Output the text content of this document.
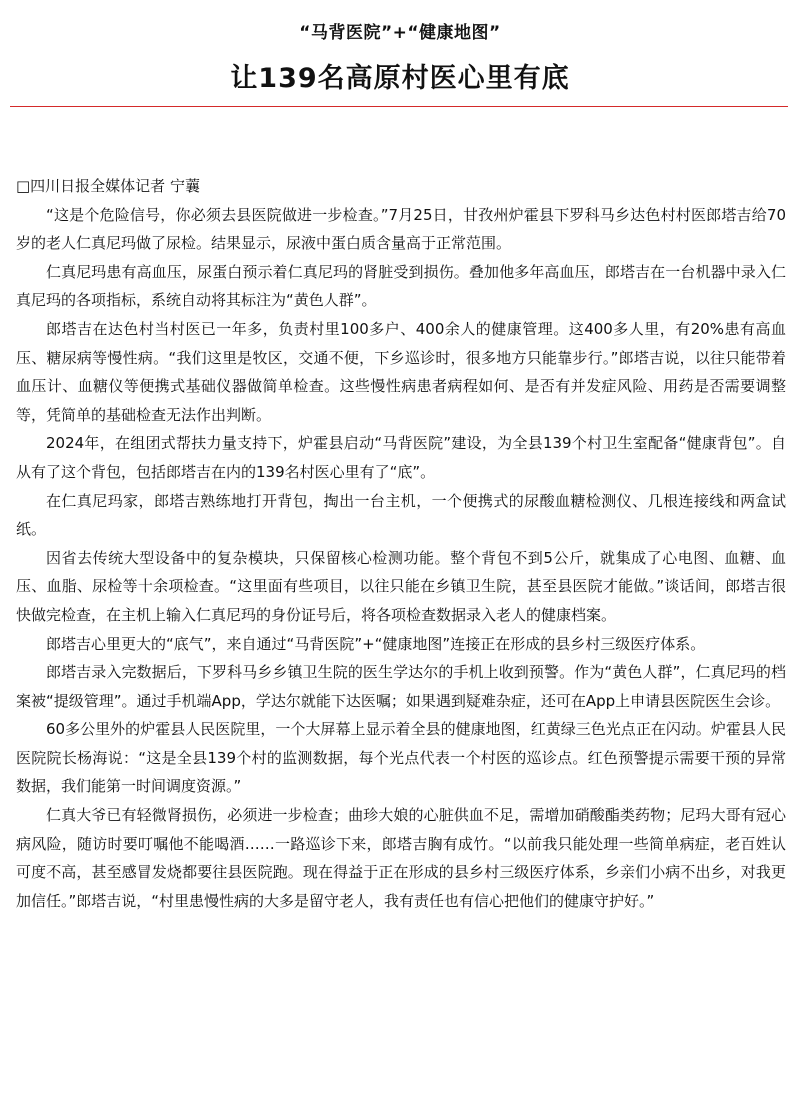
“马背医院”+“健康地图”
让139名高原村医心里有底

□四川日报全媒体记者 宁蘘

“这是个危险信号，你必须去县医院做进一步检查。”7月25日，甘孜州炉霍县下罗科马乡达色村村医郎塔吉给70岁的老人仁真尼玛做了尿检。结果显示，尿液中蛋白质含量高于正常范围。

仁真尼玛患有高血压，尿蛋白预示着仁真尼玛的肾脏受到损伤。叠加他多年高血压，郎塔吉在一台机器中录入仁真尼玛的各项指标，系统自动将其标注为“黄色人群”。

郎塔吉在达色村当村医已一年多，负责村里100多户、400余人的健康管理。这400多人里，有20%患有高血压、糖尿病等慢性病。“我们这里是牧区，交通不便，下乡巡诊时，很多地方只能靠步行。”郎塔吉说，以往只能带着血压计、血糖仪等便携式基础仪器做简单检查。这些慢性病患者病程如何、是否有并发症风险、用药是否需要调整等，凭简单的基础检查无法作出判断。

2024年，在组团式帮扶力量支持下，炉霍县启动“马背医院”建设，为全县139个村卫生室配备“健康背包”。自从有了这个背包，包括郎塔吉在内的139名村医心里有了“底”。

在仁真尼玛家，郎塔吉熟练地打开背包，掏出一台主机，一个便携式的尿酸血糖检测仪、几根连接线和两盒试纸。

因省去传统大型设备中的复杂模块，只保留核心检测功能。整个背包不到5公斤，就集成了心电图、血糖、血压、血脂、尿检等十余项检查。“这里面有些项目，以往只能在乡镇卫生院，甚至县医院才能做。”谈话间，郎塔吉很快做完检查，在主机上输入仁真尼玛的身份证号后，将各项检查数据录入老人的健康档案。

郎塔吉心里更大的“底气”，来自通过“马背医院”+“健康地图”连接正在形成的县乡村三级医疗体系。

郎塔吉录入完数据后，下罗科马乡乡镇卫生院的医生学达尔的手机上收到预警。作为“黄色人群”，仁真尼玛的档案被“提级管理”。通过手机端App，学达尔就能下达医嘱；如果遇到疑难杂症，还可在App上申请县医院医生会诊。

60多公里外的炉霍县人民医院里，一个大屏幕上显示着全县的健康地图，红黄绿三色光点正在闪动。炉霍县人民医院院长杨海说：“这是全县139个村的监测数据，每个光点代表一个村医的巡诊点。红色预警提示需要干预的异常数据，我们能第一时间调度资源。”

仁真大爷已有轻微肾损伤，必须进一步检查；曲珍大娘的心脏供血不足，需增加硝酸酯类药物；尼玛大哥有冠心病风险，随访时要叮嘱他不能喝酒……一路巡诊下来，郎塔吉胸有成竹。“以前我只能处理一些简单病症，老百姓认可度不高，甚至感冒发烧都要往县医院跑。现在得益于正在形成的县乡村三级医疗体系，乡亲们小病不出乡，对我更加信任。”郎塔吉说，“村里患慢性病的大多是留守老人，我有责任也有信心把他们的健康守护好。”
